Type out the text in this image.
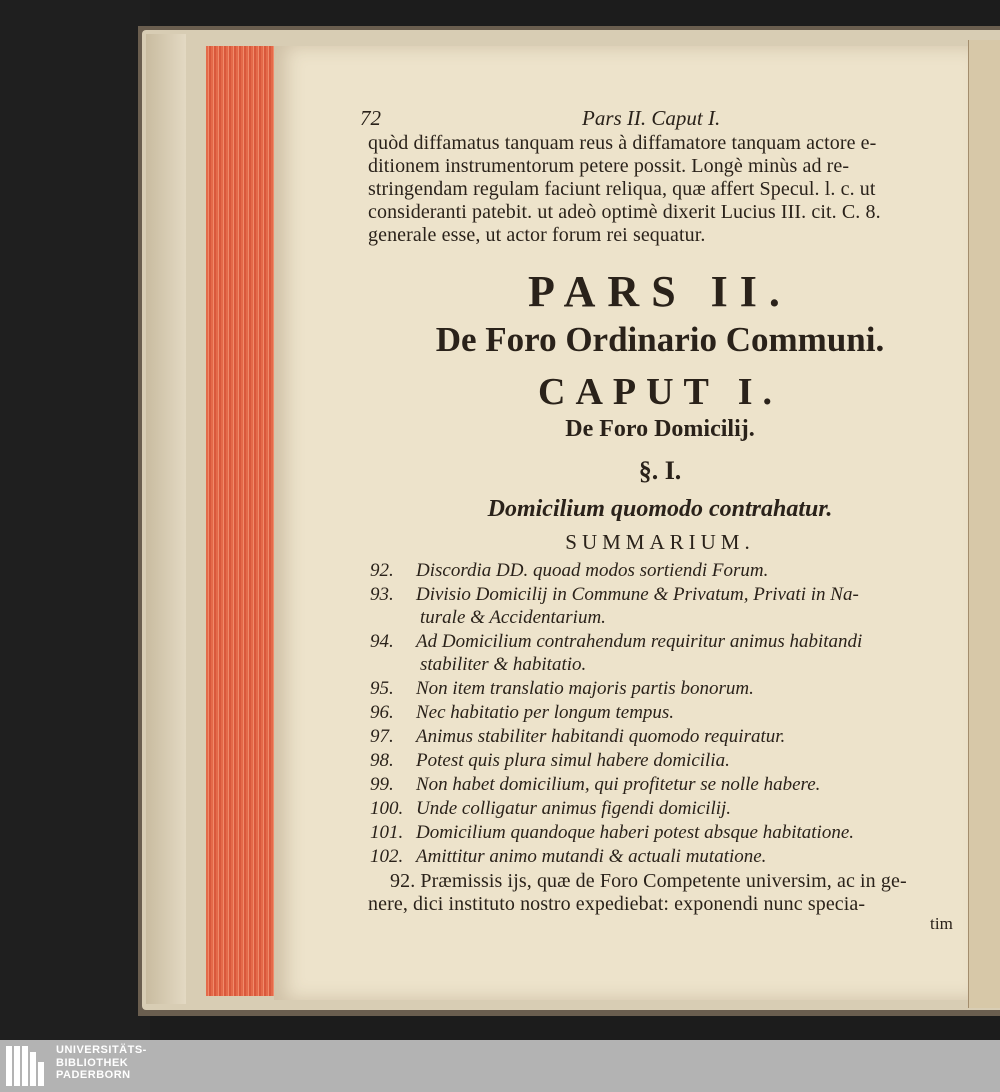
72	Pars II. Caput I.
quòd diffamatus tanquam reus à diffamatore tanquam actore e-
ditionem instrumentorum petere possit. Longè minùs ad re-
stringendam regulam faciunt reliqua, quæ affert Specul. l. c. ut
consideranti patebit. ut adeò optimè dixerit Lucius III. cit. C. 8.
generale esse, ut actor forum rei sequatur.
PARS II.
De Foro Ordinario Communi.
CAPUT I.
De Foro Domicilij.
§. I.
Domicilium quomodo contrahatur.
SUMMARIUM.
92. Discordia DD. quoad modos sortiendi Forum.
93. Divisio Domicilij in Commune & Privatum, Privati in Na-
turale & Accidentarium.
94. Ad Domicilium contrahendum requiritur animus habitandi
stabiliter & habitatio.
95. Non item translatio majoris partis bonorum.
96. Nec habitatio per longum tempus.
97. Animus stabiliter habitandi quomodo requiratur.
98. Potest quis plura simul habere domicilia.
99. Non habet domicilium, qui profitetur se nolle habere.
100. Unde colligatur animus figendi domicilij.
101. Domicilium quandoque haberi potest absque habitatione.
102. Amittitur animo mutandi & actuali mutatione.
92. Præmissis ijs, quæ de Foro Competente universim, ac in ge-
nere, dici instituto nostro expediebat: exponendi nunc specia-
tim
UNIVERSITÄTS-
BIBLIOTHEK
PADERBORN
